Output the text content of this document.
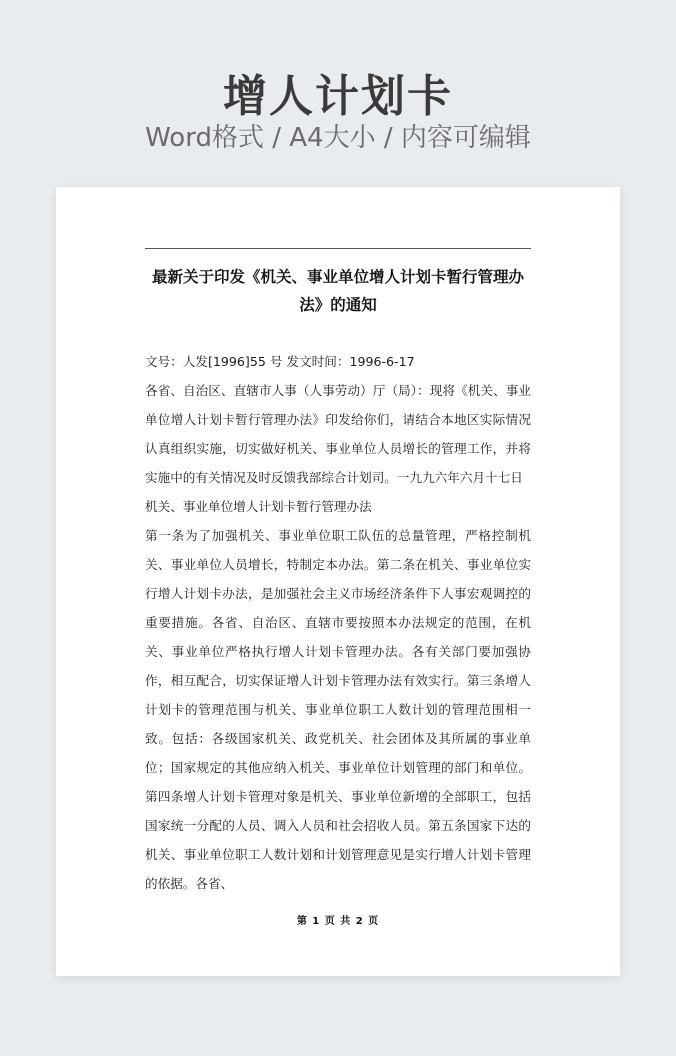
增人计划卡
Word格式 / A4大小 / 内容可编辑
最新关于印发《机关、事业单位增人计划卡暂行管理办法》的通知

文号：人发[1996]55 号 发文时间：1996-6-17

各省、自治区、直辖市人事（人事劳动）厅（局）：现将《机关、事业单位增人计划卡暂行管理办法》印发给你们，请结合本地区实际情况认真组织实施，切实做好机关、事业单位人员增长的管理工作，并将实施中的有关情况及时反馈我部综合计划司。一九九六年六月十七日

机关、事业单位增人计划卡暂行管理办法

第一条为了加强机关、事业单位职工队伍的总量管理，严格控制机关、事业单位人员增长，特制定本办法。第二条在机关、事业单位实行增人计划卡办法，是加强社会主义市场经济条件下人事宏观调控的重要措施。各省、自治区、直辖市要按照本办法规定的范围，在机关、事业单位严格执行增人计划卡管理办法。各有关部门要加强协作，相互配合，切实保证增人计划卡管理办法有效实行。第三条增人计划卡的管理范围与机关、事业单位职工人数计划的管理范围相一致。包括：各级国家机关、政党机关、社会团体及其所属的事业单位；国家规定的其他应纳入机关、事业单位计划管理的部门和单位。第四条增人计划卡管理对象是机关、事业单位新增的全部职工，包括国家统一分配的人员、调入人员和社会招收人员。第五条国家下达的机关、事业单位职工人数计划和计划管理意见是实行增人计划卡管理的依据。各省、

第 1 页 共 2 页
